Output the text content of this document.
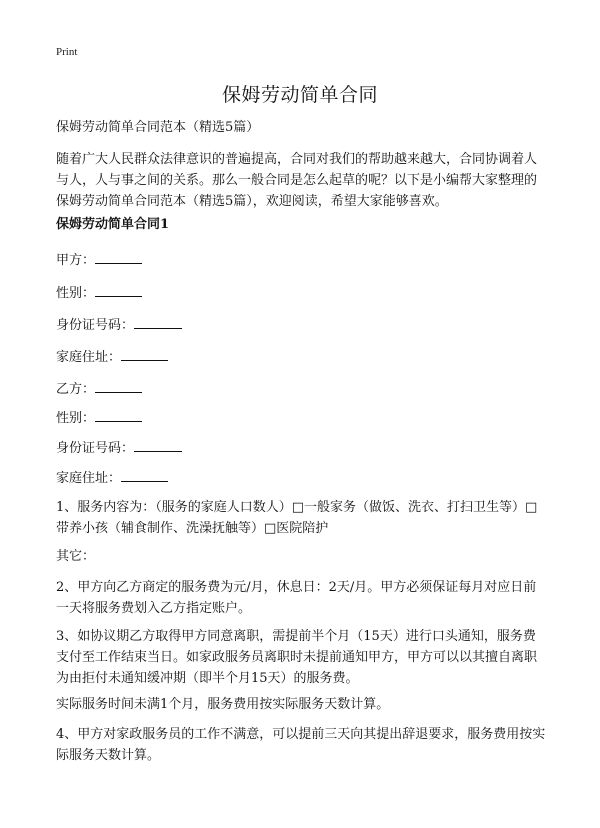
Print
保姆劳动简单合同

保姆劳动简单合同范本（精选5篇）

随着广大人民群众法律意识的普遍提高，合同对我们的帮助越来越大，合同协调着人与人，人与事之间的关系。那么一般合同是怎么起草的呢？以下是小编帮大家整理的保姆劳动简单合同范本（精选5篇），欢迎阅读，希望大家能够喜欢。

保姆劳动简单合同1

甲方：
性别：
身份证号码：
家庭住址：
乙方：
性别：
身份证号码：
家庭住址：

1、服务内容为：（服务的家庭人口数人）□一般家务（做饭、洗衣、打扫卫生等）□带养小孩（辅食制作、洗澡抚触等）□医院陪护

其它：

2、甲方向乙方商定的服务费为元/月，休息日：2天/月。甲方必须保证每月对应日前一天将服务费划入乙方指定账户。

3、如协议期乙方取得甲方同意离职，需提前半个月（15天）进行口头通知，服务费支付至工作结束当日。如家政服务员离职时未提前通知甲方，甲方可以以其擅自离职为由拒付未通知缓冲期（即半个月15天）的服务费。

实际服务时间未满1个月，服务费用按实际服务天数计算。

4、甲方对家政服务员的工作不满意，可以提前三天向其提出辞退要求，服务费用按实际服务天数计算。
